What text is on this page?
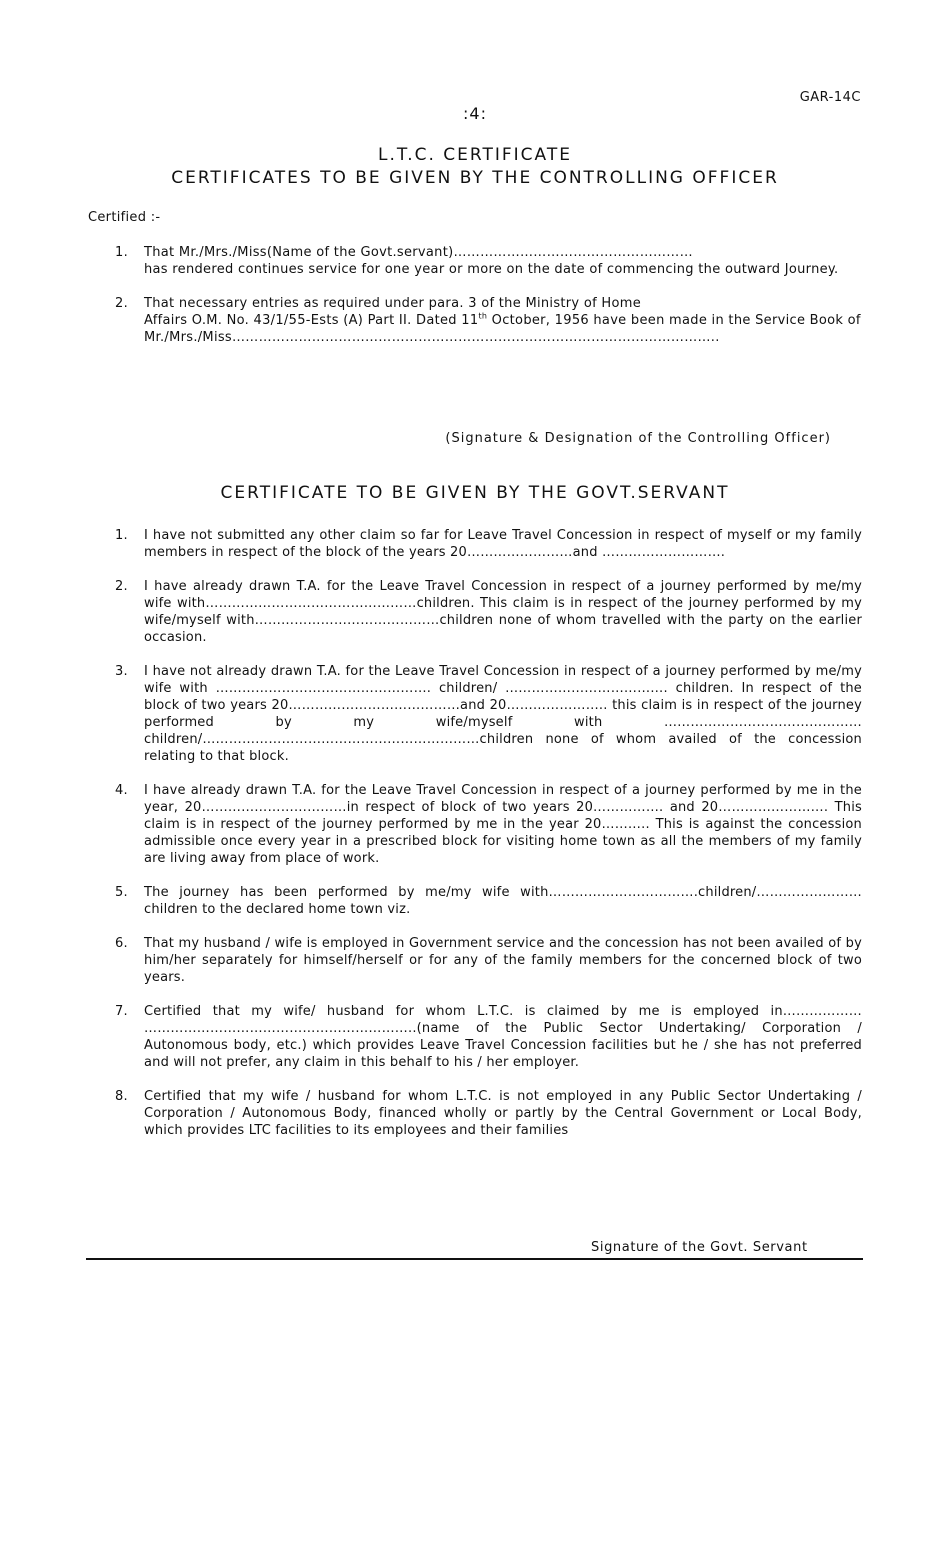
GAR-14C
:4:
L.T.C. CERTIFICATE
CERTIFICATES TO BE GIVEN BY THE CONTROLLING OFFICER
Certified :-
1. That Mr./Mrs./Miss(Name of the Govt.servant)………………………………………………
has rendered continues service for one year or more on the date of commencing the outward Journey.
2. That necessary entries as required under para. 3 of the Ministry of Home
Affairs O.M. No. 43/1/55-Ests (A) Part II. Dated 11th October, 1956 have been made in the Service Book of Mr./Mrs./Miss………………………………………………………………………………………………..
(Signature & Designation of the Controlling Officer)
CERTIFICATE TO BE GIVEN BY THE GOVT.SERVANT
1. I have not submitted any other claim so far for Leave Travel Concession in respect of myself or my family members in respect of the block of the years 20……………………and ……………………….
2. I have already drawn T.A. for the Leave Travel Concession in respect of a journey performed by me/my wife with…………………………………………children. This claim is in respect of the journey performed by my wife/myself with……………………………………children none of whom travelled with the party on the earlier occasion.
3. I have not already drawn T.A. for the Leave Travel Concession in respect of a journey performed by me/my wife with …………………………………………. children/ ………………………………. children. In respect of the block of two years 20…………………………………and 20………………….. this claim is in respect of the journey performed by my wife/myself with ……………………………………… children/………………………………………………………children none of whom availed of the concession relating to that block.
4. I have already drawn T.A. for the Leave Travel Concession in respect of a journey performed by me in the year, 20……………………………in respect of block of two years 20……………. and 20……………………. This claim is in respect of the journey performed by me in the year 20……….. This is against the concession admissible once every year in a prescribed block for visiting home town as all the members of my family are living away from place of work.
5. The journey has been performed by me/my wife with…………………………….children/…………………… children to the declared home town viz.
6. That my husband / wife is employed in Government service and the concession has not been availed of by him/her separately for himself/herself or for any of the family members for the concerned block of two years.
7. Certified that my wife/ husband for whom L.T.C. is claimed by me is employed in……………… ……………………………………………………..(name of the Public Sector Undertaking/ Corporation / Autonomous body, etc.) which provides Leave Travel Concession facilities but he / she has not preferred and will not prefer, any claim in this behalf to his / her employer.
8. Certified that my wife / husband for whom L.T.C. is not employed in any Public Sector Undertaking / Corporation / Autonomous Body, financed wholly or partly by the Central Government or Local Body, which provides LTC facilities to its employees and their families
Signature of the Govt. Servant
